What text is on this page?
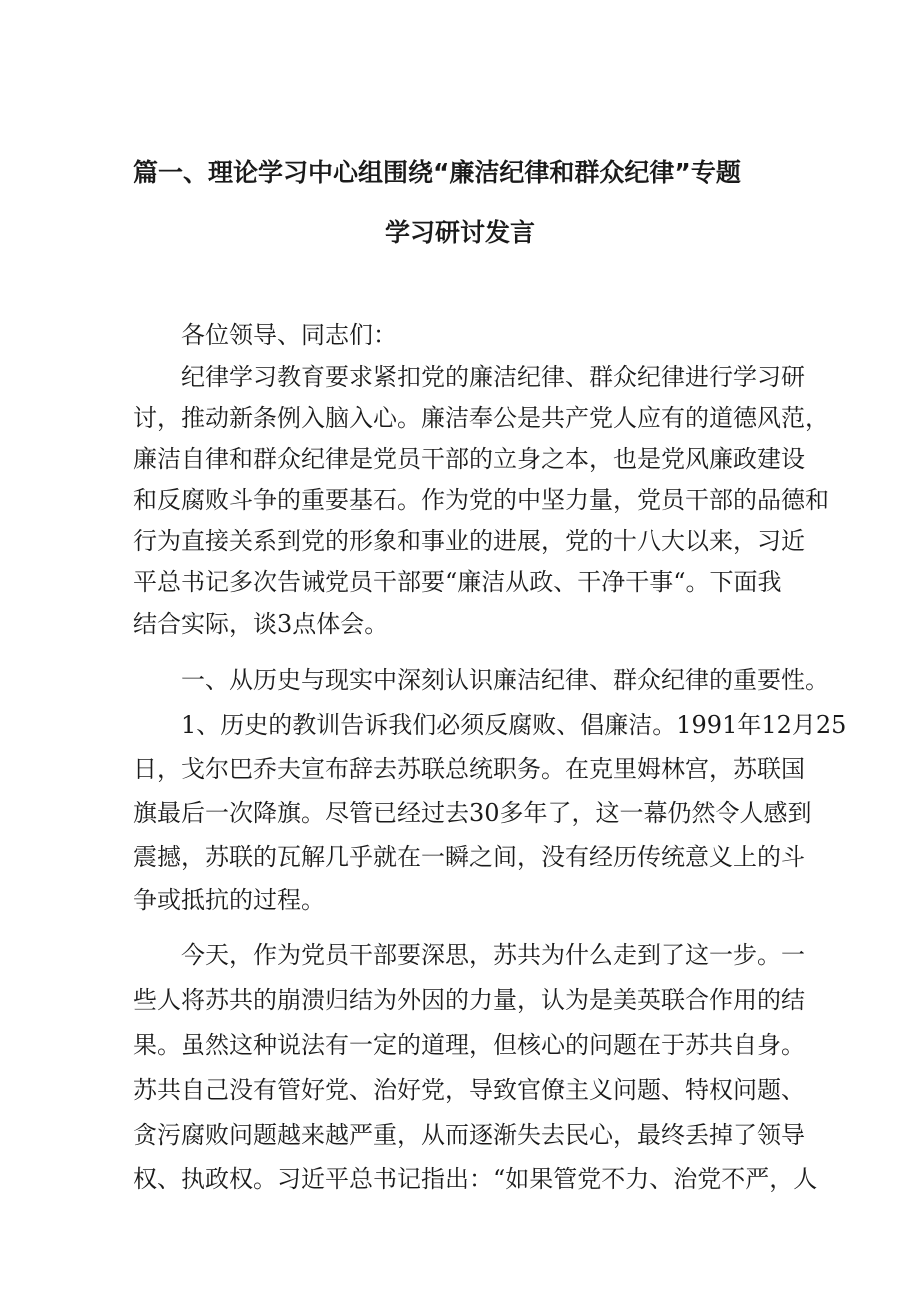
篇一、理论学习中心组围绕“廉洁纪律和群众纪律”专题
学习研讨发言
各位领导、同志们：
纪律学习教育要求紧扣党的廉洁纪律、群众纪律进行学习研
讨，推动新条例入脑入心。廉洁奉公是共产党人应有的道德风范，
廉洁自律和群众纪律是党员干部的立身之本，也是党风廉政建设
和反腐败斗争的重要基石。作为党的中坚力量，党员干部的品德和
行为直接关系到党的形象和事业的进展，党的十八大以来，习近
平总书记多次告诫党员干部要“廉洁从政、干净干事“。下面我
结合实际，谈3点体会。
一、从历史与现实中深刻认识廉洁纪律、群众纪律的重要性。
1、历史的教训告诉我们必须反腐败、倡廉洁。1991年12月25
日，戈尔巴乔夫宣布辞去苏联总统职务。在克里姆林宫，苏联国
旗最后一次降旗。尽管已经过去30多年了，这一幕仍然令人感到
震撼，苏联的瓦解几乎就在一瞬之间，没有经历传统意义上的斗
争或抵抗的过程。
今天，作为党员干部要深思，苏共为什么走到了这一步。一
些人将苏共的崩溃归结为外因的力量，认为是美英联合作用的结
果。虽然这种说法有一定的道理，但核心的问题在于苏共自身。
苏共自己没有管好党、治好党，导致官僚主义问题、特权问题、
贪污腐败问题越来越严重，从而逐渐失去民心，最终丢掉了领导
权、执政权。习近平总书记指出：“如果管党不力、治党不严，人
